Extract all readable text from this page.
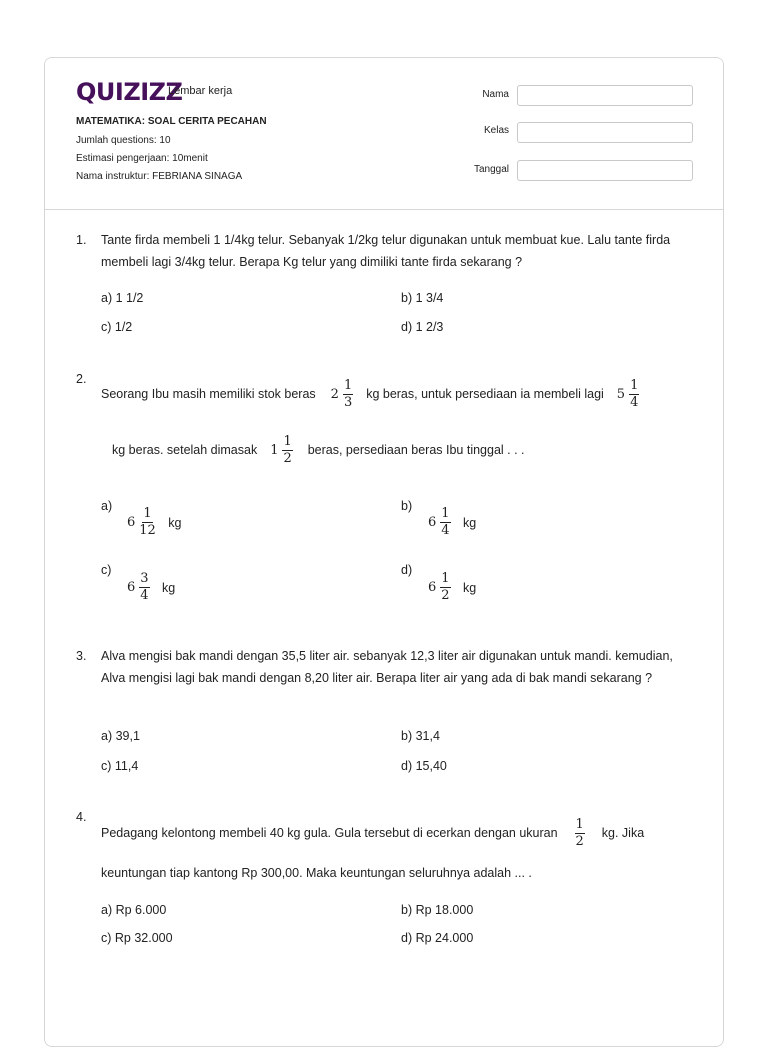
QUIZIZZ
Lembar kerja
MATEMATIKA: SOAL CERITA PECAHAN
Jumlah questions: 10
Estimasi pengerjaan: 10menit
Nama instruktur: FEBRIANA SINAGA
Nama
Kelas
Tanggal
1. Tante firda membeli 1 1/4kg telur. Sebanyak 1/2kg telur digunakan untuk membuat kue. Lalu tante firda membeli lagi 3/4kg telur. Berapa Kg telur yang dimiliki tante firda sekarang ?
a) 1 1/2	b) 1 3/4
c) 1/2	d) 1 2/3
2.
Seorang Ibu masih memiliki stok beras $2 \frac{1}{3}$ kg beras, untuk persediaan ia membeli lagi $5 \frac{1}{4}$
kg beras. setelah dimasak $1 \frac{1}{2}$ beras, persediaan beras Ibu tinggal . . .
a)
$6 \frac{1}{12}$ kg
b)
$6 \frac{1}{4}$ kg
c)
$6 \frac{3}{4}$ kg
d)
$6 \frac{1}{2}$ kg
3. Alva mengisi bak mandi dengan 35,5 liter air. sebanyak 12,3 liter air digunakan untuk mandi. kemudian, Alva mengisi lagi bak mandi dengan 8,20 liter air. Berapa liter air yang ada di bak mandi sekarang ?
a) 39,1	b) 31,4
c) 11,4	d) 15,40
4.
Pedagang kelontong membeli 40 kg gula. Gula tersebut di ecerkan dengan ukuran $\frac{1}{2}$ kg. Jika
keuntungan tiap kantong Rp 300,00. Maka keuntungan seluruhnya adalah ... .
a) Rp 6.000	b) Rp 18.000
c) Rp 32.000	d) Rp 24.000
